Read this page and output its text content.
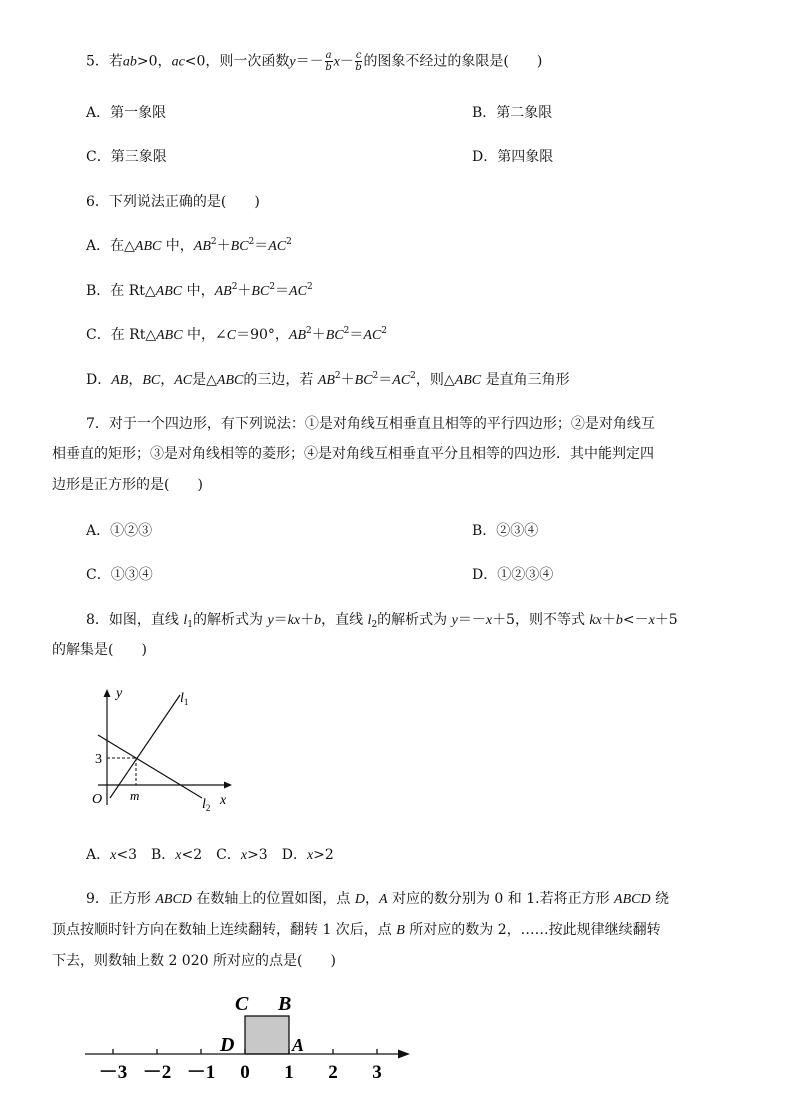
5．若ab>0，ac<0，则一次函数$y=- \frac{a}{b} x- \frac{c}{b}$ 的图象不经过的象限是(　　)
A．第一象限	B．第二象限
C．第三象限	D．第四象限
6．下列说法正确的是(　　)
A．在△ABC 中，$AB^2+BC^2=AC^2$
B．在 Rt△ABC 中，$AB^2+BC^2=AC^2$
C．在 Rt△ABC 中，∠C＝90°，$AB^2+BC^2=AC^2$
D．AB，BC，AC是△ABC的三边，若 $AB^2+BC^2=AC^2$，则△ABC 是直角三角形
7．对于一个四边形，有下列说法：①是对角线互相垂直且相等的平行四边形；②是对角线互
相垂直的矩形；③是对角线相等的菱形；④是对角线互相垂直平分且相等的四边形．其中能判定四
边形是正方形的是(　　)
A．①②③	B．②③④
C．①③④	D．①②③④
8．如图，直线 $l_1$的解析式为 y＝kx＋b，直线 $l_2$的解析式为 y＝－x＋5，则不等式 kx＋b<－x＋5
的解集是(　　)
y
x
O
3
m
$l_1$
$l_2$
A．x<3  B．x<2  C．x>3  D．x>2
9．正方形 ABCD 在数轴上的位置如图，点 D，A 对应的数分别为 0 和 1.若将正方形 ABCD 绕
顶点按顺时针方向在数轴上连续翻转，翻转 1 次后，点 B 所对应的数为 2，……按此规律继续翻转
下去，则数轴上数 2 020 所对应的点是(　　)
－3 －2 －1 0 1 2 3
C B
D	A
